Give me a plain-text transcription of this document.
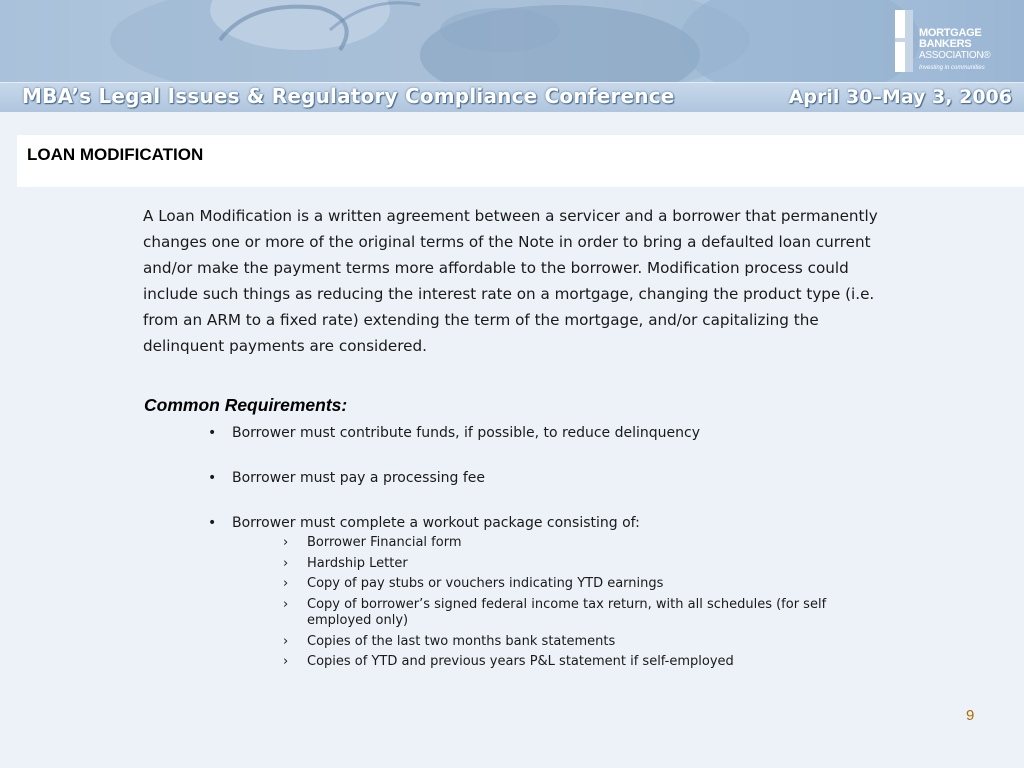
MORTGAGE
BANKERS
ASSOCIATION®
Investing in communities
MBA’s Legal Issues & Regulatory Compliance Conference	April 30–May 3, 2006
LOAN MODIFICATION

A Loan Modification is a written agreement between a servicer and a borrower that permanently changes one or more of the original terms of the Note in order to bring a defaulted loan current and/or make the payment terms more affordable to the borrower. Modification process could include such things as reducing the interest rate on a mortgage, changing the product type (i.e. from an ARM to a fixed rate) extending the term of the mortgage, and/or capitalizing the delinquent payments are considered.

Common Requirements:
• Borrower must contribute funds, if possible, to reduce delinquency
• Borrower must pay a processing fee
• Borrower must complete a workout package consisting of:
› Borrower Financial form
› Hardship Letter
› Copy of pay stubs or vouchers indicating YTD earnings
› Copy of borrower’s signed federal income tax return, with all schedules (for self employed only)
› Copies of the last two months bank statements
› Copies of YTD and previous years P&L statement if self-employed
9
